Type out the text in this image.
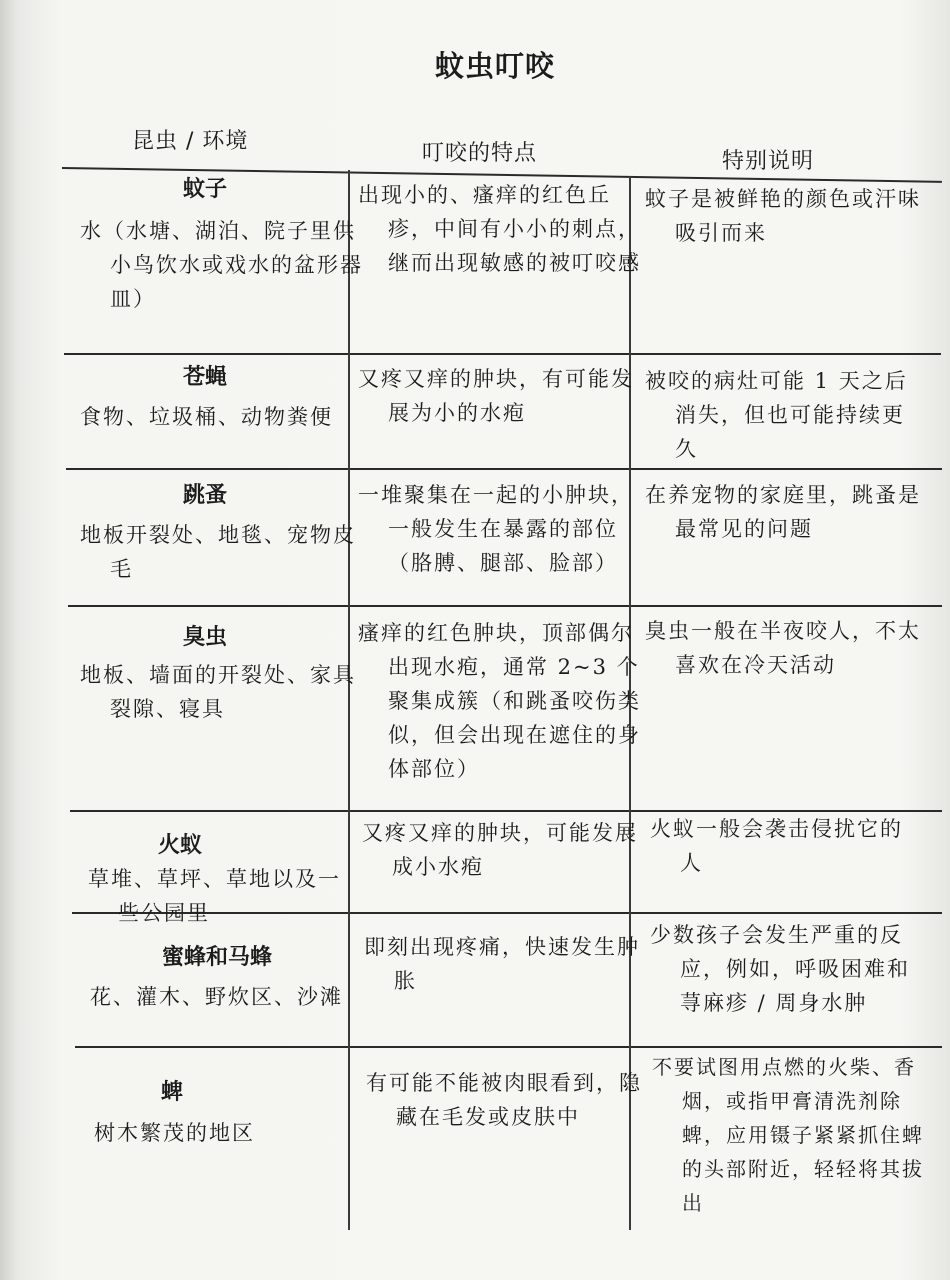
蚊虫叮咬
昆虫 / 环境	叮咬的特点	特别说明
蚊子
水（水塘、湖泊、院子里供小鸟饮水或戏水的盆形器皿）
出现小的、瘙痒的红色丘疹，中间有小小的刺点，继而出现敏感的被叮咬感
蚊子是被鲜艳的颜色或汗味吸引而来
苍蝇
食物、垃圾桶、动物粪便
又疼又痒的肿块，有可能发展为小的水疱
被咬的病灶可能 1 天之后消失，但也可能持续更久
跳蚤
地板开裂处、地毯、宠物皮毛
一堆聚集在一起的小肿块，一般发生在暴露的部位（胳膊、腿部、脸部）
在养宠物的家庭里，跳蚤是最常见的问题
臭虫
地板、墙面的开裂处、家具裂隙、寝具
瘙痒的红色肿块，顶部偶尔出现水疱，通常 2~3 个聚集成簇（和跳蚤咬伤类似，但会出现在遮住的身体部位）
臭虫一般在半夜咬人，不太喜欢在冷天活动
火蚁
草堆、草坪、草地以及一些公园里
又疼又痒的肿块，可能发展成小水疱
火蚁一般会袭击侵扰它的人
蜜蜂和马蜂
花、灌木、野炊区、沙滩
即刻出现疼痛，快速发生肿胀
少数孩子会发生严重的反应，例如，呼吸困难和荨麻疹 / 周身水肿
蜱
树木繁茂的地区
有可能不能被肉眼看到，隐藏在毛发或皮肤中
不要试图用点燃的火柴、香烟，或指甲膏清洗剂除蜱，应用镊子紧紧抓住蜱的头部附近，轻轻将其拔出
